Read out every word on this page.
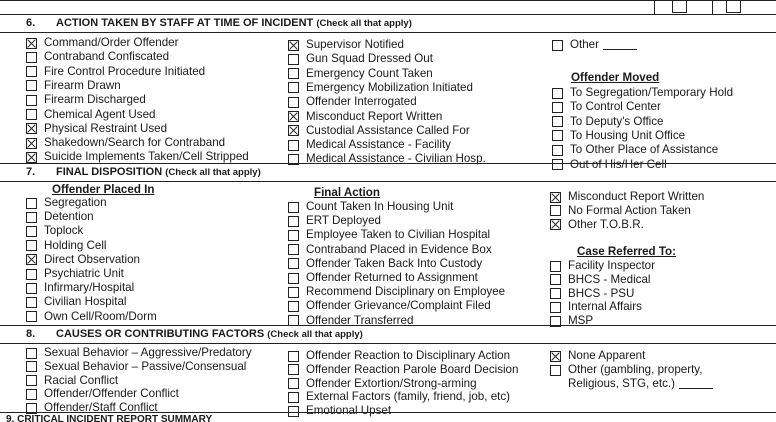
6. ACTION TAKEN BY STAFF AT TIME OF INCIDENT (Check all that apply)
Command/Order Offender
Contraband Confiscated
Fire Control Procedure Initiated
Firearm Drawn
Firearm Discharged
Chemical Agent Used
Physical Restraint Used
Shakedown/Search for Contraband
Suicide Implements Taken/Cell Stripped
Supervisor Notified
Gun Squad Dressed Out
Emergency Count Taken
Emergency Mobilization Initiated
Offender Interrogated
Misconduct Report Written
Custodial Assistance Called For
Medical Assistance - Facility
Medical Assistance - Civilian Hosp.
Other
Offender Moved
To Segregation/Temporary Hold
To Control Center
To Deputy's Office
To Housing Unit Office
To Other Place of Assistance
Out of His/Her Cell
7. FINAL DISPOSITION (Check all that apply)
Offender Placed In	Final Action
Segregation
Detention
Toplock
Holding Cell
Direct Observation
Psychiatric Unit
Infirmary/Hospital
Civilian Hospital
Own Cell/Room/Dorm
Count Taken In Housing Unit
ERT Deployed
Employee Taken to Civilian Hospital
Contraband Placed in Evidence Box
Offender Taken Back Into Custody
Offender Returned to Assignment
Recommend Disciplinary on Employee
Offender Grievance/Complaint Filed
Offender Transferred
Misconduct Report Written
No Formal Action Taken
Other T.O.B.R.
Case Referred To:
Facility Inspector
BHCS - Medical
BHCS - PSU
Internal Affairs
MSP
8. CAUSES OR CONTRIBUTING FACTORS (Check all that apply)
Sexual Behavior – Aggressive/Predatory
Sexual Behavior – Passive/Consensual
Racial Conflict
Offender/Offender Conflict
Offender/Staff Conflict
Offender Reaction to Disciplinary Action
Offender Reaction Parole Board Decision
Offender Extortion/Strong-arming
External Factors (family, friend, job, etc)
Emotional Upset
None Apparent
Other (gambling, property,
Religious, STG, etc.)
9. CRITICAL INCIDENT REPORT SUMMARY
